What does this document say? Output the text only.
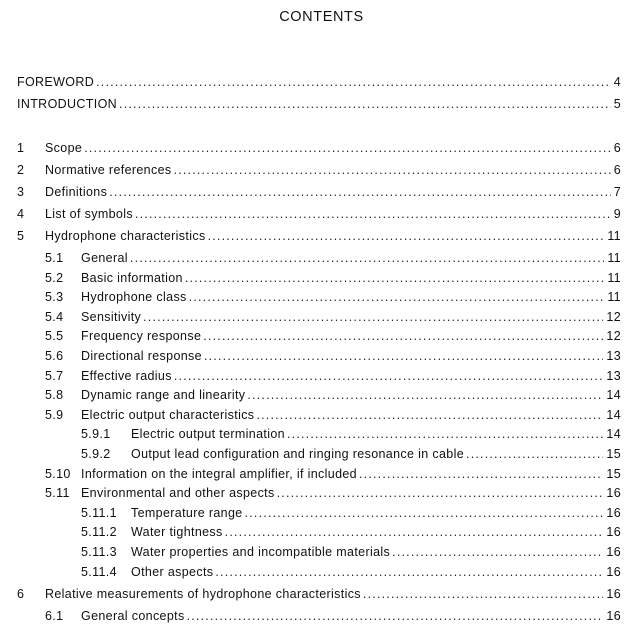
CONTENTS
FOREWORD .....	4
INTRODUCTION .....	5
1 Scope .....	6
2 Normative references .....	6
3 Definitions .....	7
4 List of symbols .....	9
5 Hydrophone characteristics .....	11
5.1 General .....	11
5.2 Basic information .....	11
5.3 Hydrophone class .....	11
5.4 Sensitivity .....	12
5.5 Frequency response .....	12
5.6 Directional response .....	13
5.7 Effective radius .....	13
5.8 Dynamic range and linearity .....	14
5.9 Electric output characteristics .....	14
5.9.1 Electric output termination .....	14
5.9.2 Output lead configuration and ringing resonance in cable .....	15
5.10 Information on the integral amplifier, if included .....	15
5.11 Environmental and other aspects .....	16
5.11.1 Temperature range .....	16
5.11.2 Water tightness .....	16
5.11.3 Water properties and incompatible materials .....	16
5.11.4 Other aspects .....	16
6 Relative measurements of hydrophone characteristics .....	16
6.1 General concepts .....	16
